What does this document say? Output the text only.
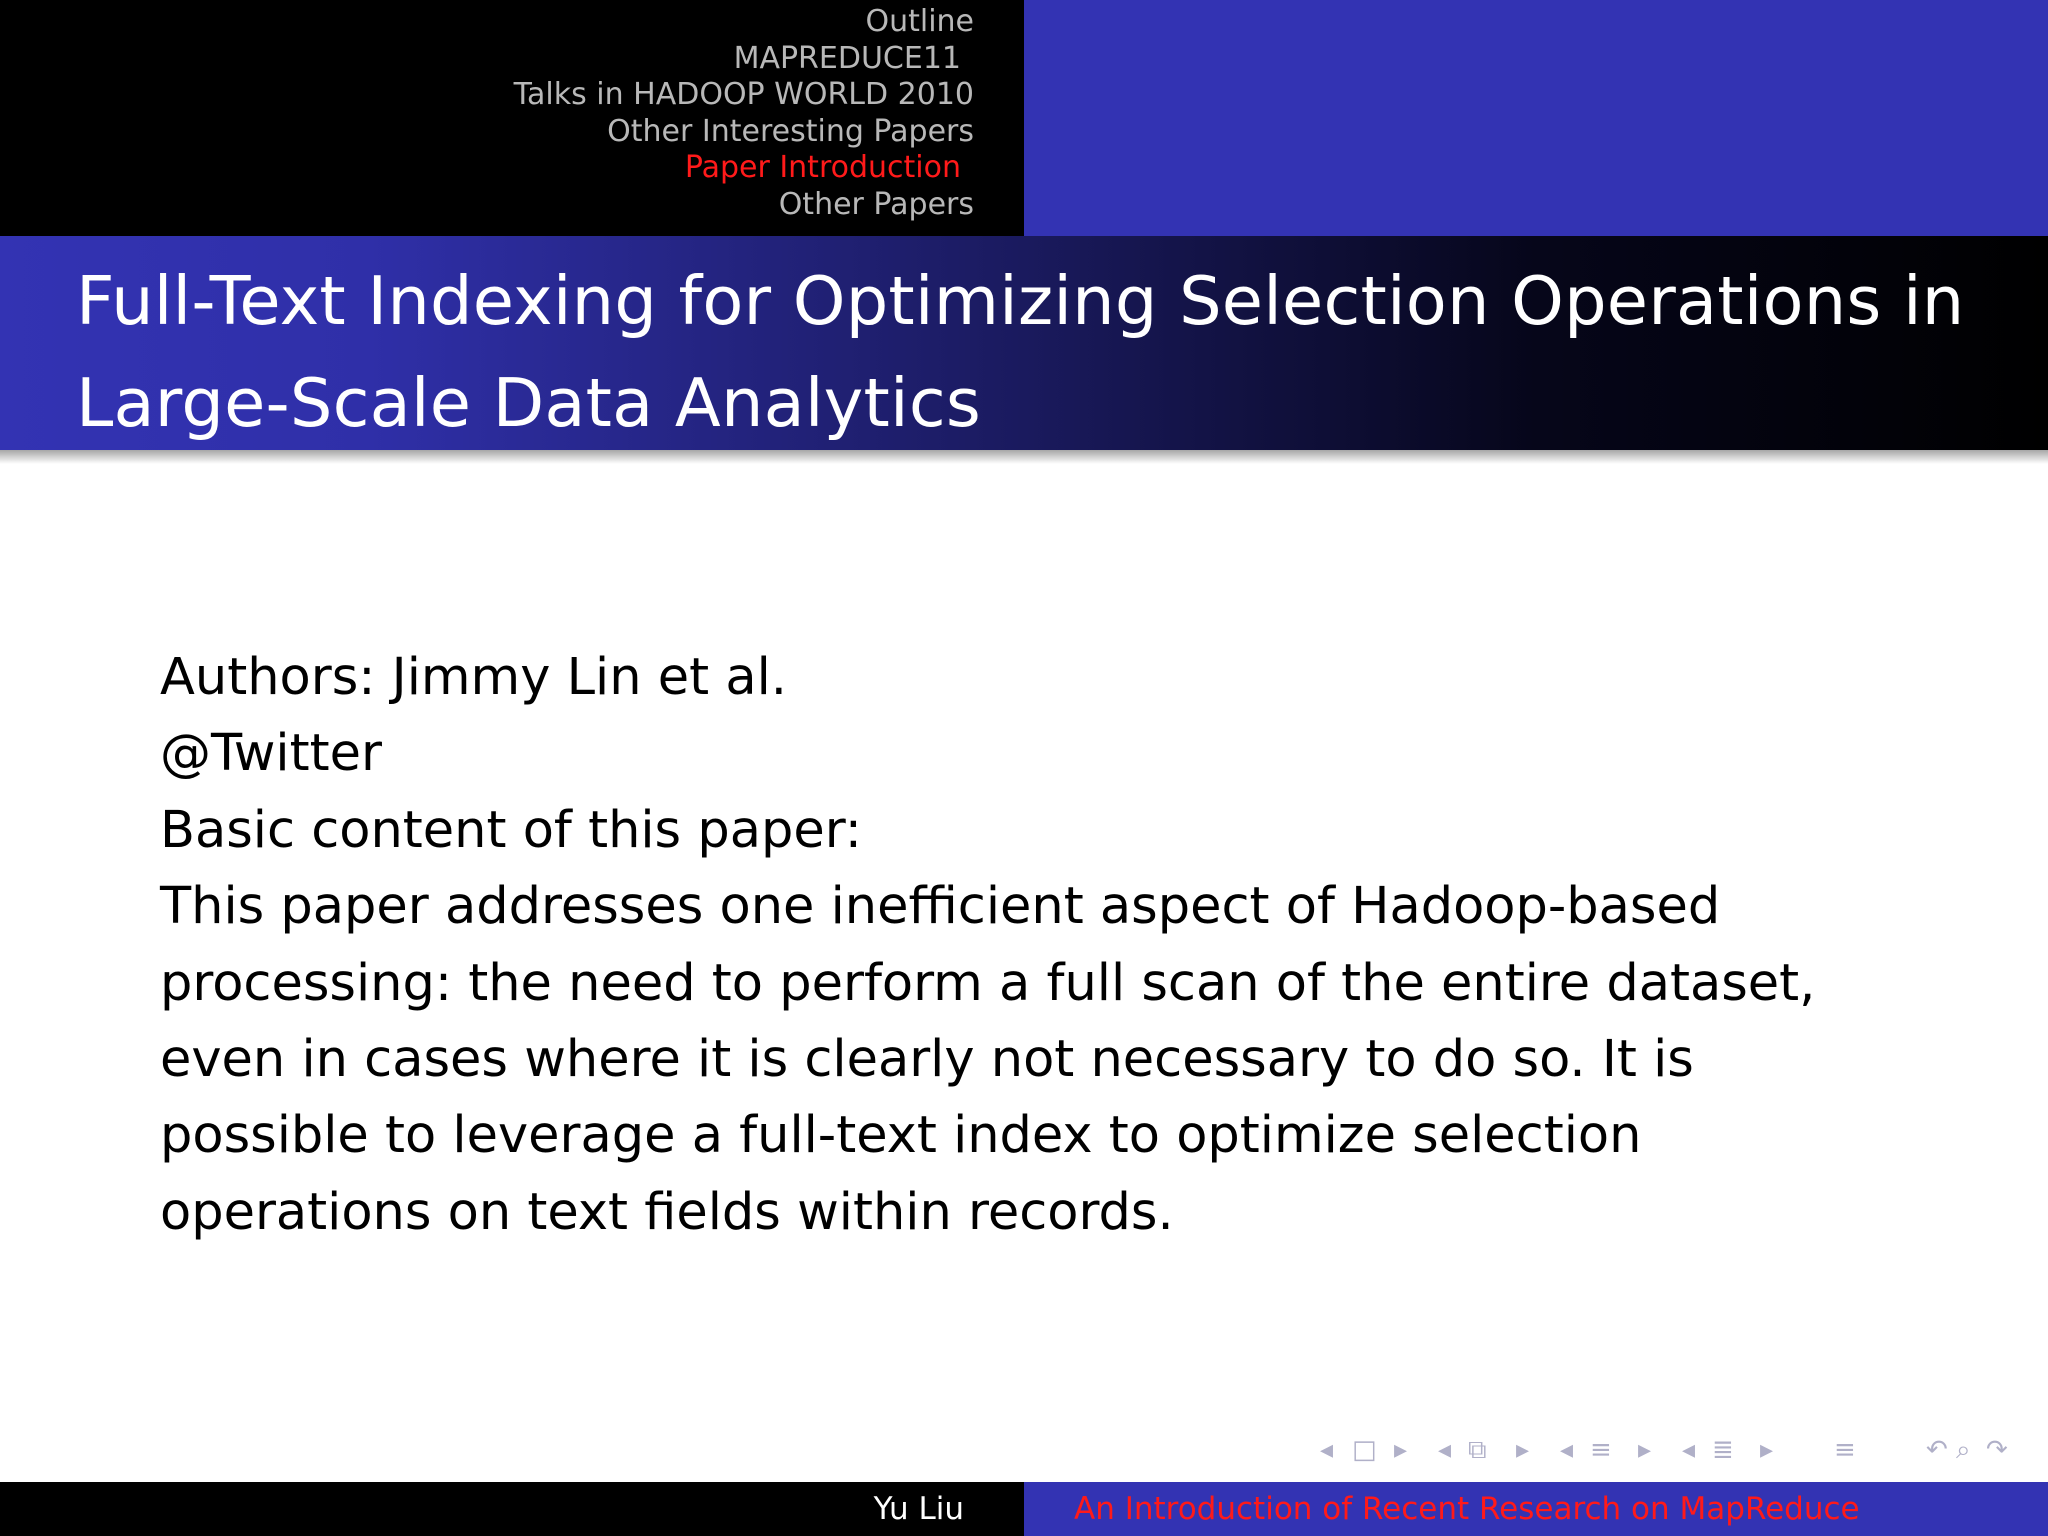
Outline
MAPREDUCE11
Talks in HADOOP WORLD 2010
Other Interesting Papers
Paper Introduction
Other Papers
Full-Text Indexing for Optimizing Selection Operations in Large-Scale Data Analytics

Authors: Jimmy Lin et al.

@Twitter

Basic content of this paper:

This paper addresses one inefficient aspect of Hadoop-based processing: the need to perform a full scan of the entire dataset, even in cases where it is clearly not necessary to do so. It is possible to leverage a full-text index to optimize selection operations on text fields within records.

◂ □ ▸ ◂ ⧉ ▸ ◂ ≡ ▸ ◂ ≣ ▸ ≡	↶ ⌕ ↷
Yu Liu	An Introduction of Recent Research on MapReduce
